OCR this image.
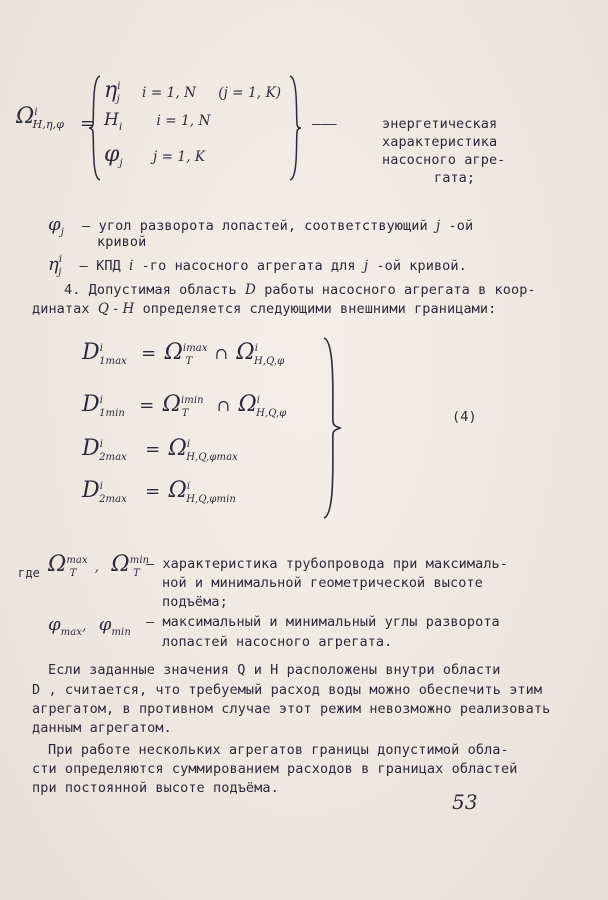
$\Omega^i_{H,\eta,\varphi}$ =
$\eta^i_j$ i = 1, N (j = 1, K)
$H_i$	i = 1, N
$\varphi_j$ j = 1, K
———	энергетическая
характеристика
насосного агре-
гата;
$\varphi_j$ – угол разворота лопастей, соответствующий j -ой
кривой
$\eta^i_j$ – КПД i -го насосного агрегата для j -ой кривой.
4. Допустимая область D работы насосного агрегата в коор-
динатах Q - H определяется следующими внешними границами:
$D^i_{1max} = \Omega^{imax}_T$ ∩ $\Omega^i_{H,Q,\varphi}$
$D^i_{1min} = \Omega^{imin}_T$ ∩ $\Omega^i_{H,Q,\varphi}$
$D^i_{2max} = \Omega^i_{H,Q,\varphi max}$
$D^i_{2max} = \Omega^i_{H,Q,\varphi min}$
(4)
где $\Omega^{max}_T$ , $\Omega^{min}_T$
– характеристика трубопровода при максималь-
ной и минимальной геометрической высоте
подъёма;
$\varphi_{max}$, $\varphi_{min}$
– максимальный и минимальный углы разворота
лопастей насосного агрегата.
Если заданные значения Q и H расположены внутри области
D , считается, что требуемый расход воды можно обеспечить этим
агрегатом, в противном случае этот режим невозможно реализовать
данным агрегатом.
При работе нескольких агрегатов границы допустимой обла-
сти определяются суммированием расходов в границах областей
при постоянной высоте подъёма.
53
